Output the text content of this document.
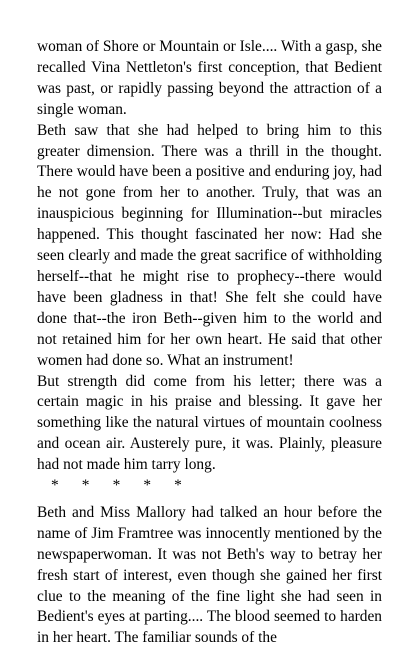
woman of Shore or Mountain or Isle.... With a gasp, she recalled Vina Nettleton's first conception, that Bedient was past, or rapidly passing beyond the attraction of a single woman.

Beth saw that she had helped to bring him to this greater dimension. There was a thrill in the thought. There would have been a positive and enduring joy, had he not gone from her to another. Truly, that was an inauspicious beginning for Illumination--but miracles happened. This thought fascinated her now: Had she seen clearly and made the great sacrifice of withholding herself--that he might rise to prophecy--there would have been gladness in that! She felt she could have done that--the iron Beth--given him to the world and not retained him for her own heart. He said that other women had done so. What an instrument!

But strength did come from his letter; there was a certain magic in his praise and blessing. It gave her something like the natural virtues of mountain coolness and ocean air. Austerely pure, it was. Plainly, pleasure had not made him tarry long.

*      *      *      *      *

Beth and Miss Mallory had talked an hour before the name of Jim Framtree was innocently mentioned by the newspaperwoman. It was not Beth's way to betray her fresh start of interest, even though she gained her first clue to the meaning of the fine light she had seen in Bedient's eyes at parting.... The blood seemed to harden in her heart. The familiar sounds of the
